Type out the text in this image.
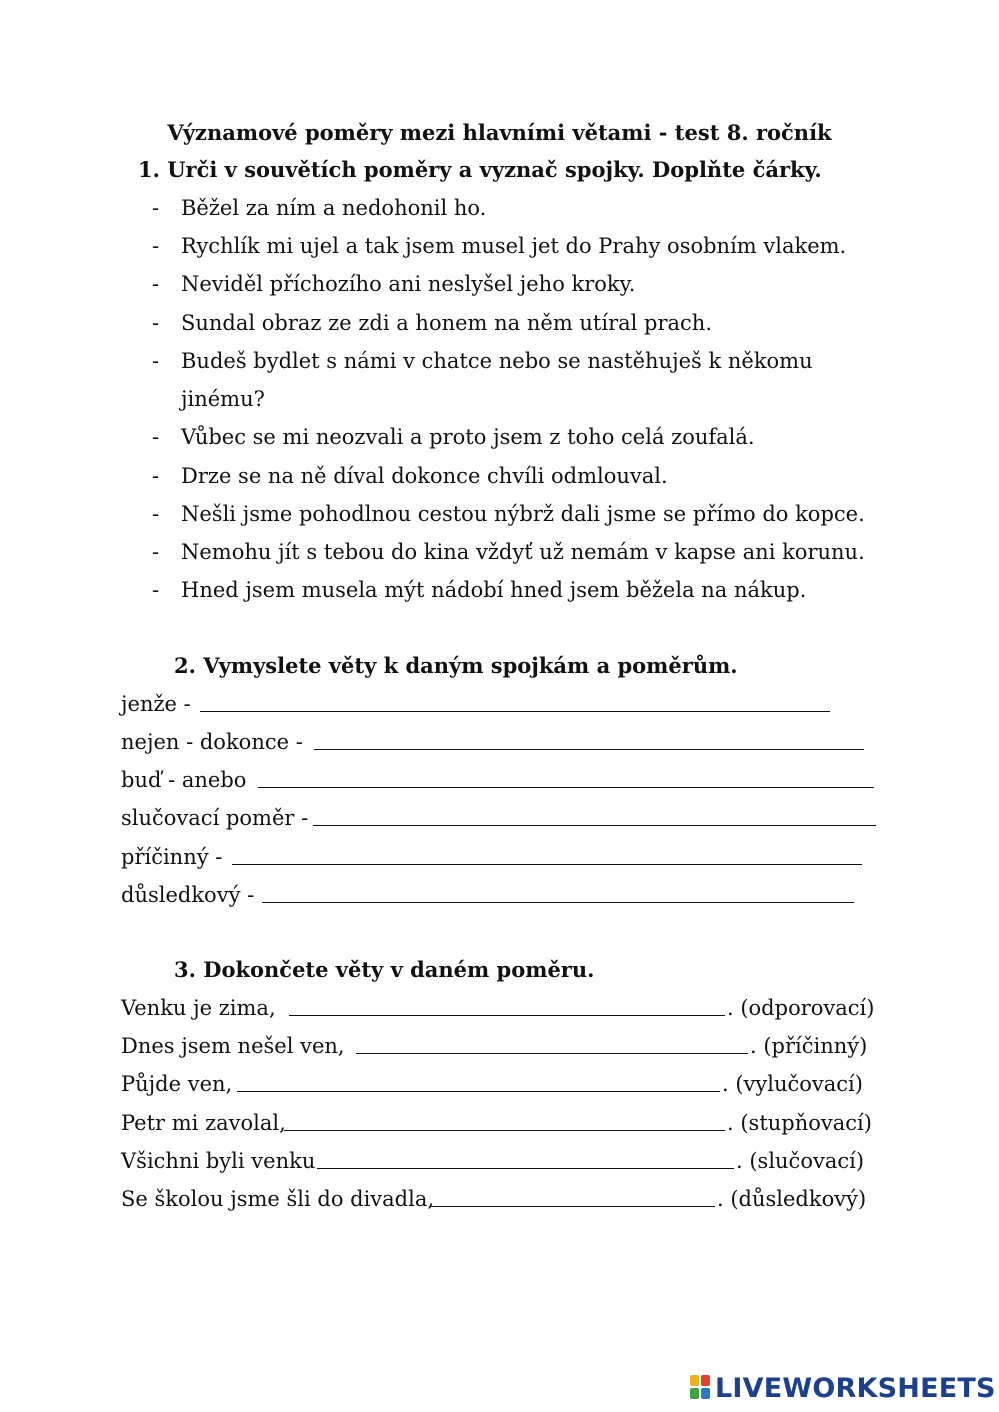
Významové poměry mezi hlavními větami - test 8. ročník
1. Urči v souvětích poměry a vyznač spojky. Doplňte čárky.
- Běžel za ním a nedohonil ho.
- Rychlík mi ujel a tak jsem musel jet do Prahy osobním vlakem.
- Neviděl příchozího ani neslyšel jeho kroky.
- Sundal obraz ze zdi a honem na něm utíral prach.
- Budeš bydlet s námi v chatce nebo se nastěhuješ k někomu
jinému?
- Vůbec se mi neozvali a proto jsem z toho celá zoufalá.
- Drze se na ně díval dokonce chvíli odmlouval.
- Nešli jsme pohodlnou cestou nýbrž dali jsme se přímo do kopce.
- Nemohu jít s tebou do kina vždyť už nemám v kapse ani korunu.
- Hned jsem musela mýt nádobí hned jsem běžela na nákup.
2. Vymyslete věty k daným spojkám a poměrům.
jenže -
nejen - dokonce -
buď - anebo
slučovací poměr -
příčinný -
důsledkový -
3. Dokončete věty v daném poměru.
Venku je zima,	. (odporovací)
Dnes jsem nešel ven,	. (příčinný)
Půjde ven,	. (vylučovací)
Petr mi zavolal,	. (stupňovací)
Všichni byli venku	. (slučovací)
Se školou jsme šli do divadla,	. (důsledkový)
LIVEWORKSHEETS
